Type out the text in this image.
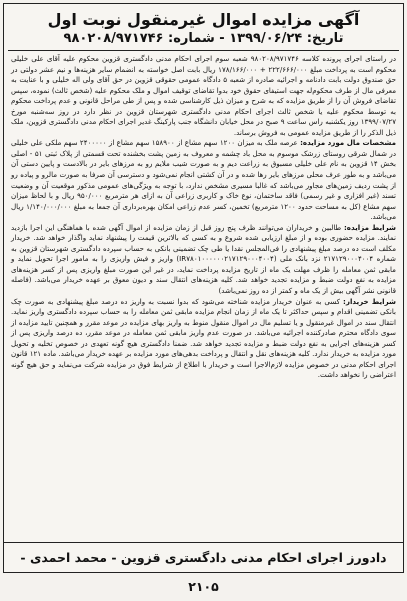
آگهی مزایده اموال غیرمنقول نوبت اول
تاریخ: ۱۳۹۹/۰۶/۲۴ - شماره: ۹۸۰۲۰۸/۹۷۱۷۴۶

در راستای اجرای پرونده کلاسه ۹۸۰۲۰۸/۹۷۱۷۴۶ شعبه سوم اجرای احکام مدنی دادگستری قزوین محکوم علیه آقای علی خلیلی محکوم است به پرداخت مبلغ ۲۲۲/۶۶۶/۰۰۰ + ۱۷۸/۱۶۶/۰۰۰ ریال بابت اصل خواسته به انضمام سایر هزینه‌ها و نیم عشر دولتی در حق صندوق دولت بابت دادنامه و اجرائیه صادره از شعبه ۵ دادگاه عمومی حقوقی قزوین در حق آقای ولی اله خلیلی و با عنایت به معرفی مال از طرف محکوم‌له جهت استیفای حقوق خود بدوا تقاضای توقیف اموال و ملک محکوم علیه (شخص ثالث) نموده، سپس تقاضای فروش آن را از طریق مزایده که به شرح و میزان ذیل کارشناسی شده و پس از طی مراحل قانونی و عدم پرداخت محکوم به توسط محکوم علیه یا شخص ثالث اجرای احکام مدنی دادگستری شهرستان قزوین در نظر دارد در روز سه‌شنبه مورخ ۱۳۹۹/۰۷/۲۷ روز یکشنبه راس ساعت ۹ صبح در محل خیابان دانشگاه جنب پارکینگ غدیر اجرای احکام مدنی دادگستری قزوین، ملک ذیل الذکر را از طریق مزایده عمومی به فروش برساند.

مشخصات مال مورد مزایده: عرصه ملک به میزان ۱۲۰۰ سهم مشاع از ۱۵۸۹۰۰ سهم مشاع از ۲۴۰۰۰۰۰ سهم ملکی علی خلیلی در شمال شرقی روستای زرشک موسوم به محل باد چشمه و معروف به زمین پشت بخشنده تحت قسمتی از پلاک ثبتی ۵۱ - اصلی بخش ۱۴ قزوین به نام علی خلیلی مسبوق به زراعت دیم و به صورت شیب ملایم رو به مرزهای بایر در بالادست و پایین دستی آن می‌باشد و به طور عرف محلی مرزهای بایر رها شده و در آن کشتی انجام نمی‌شود و دسترسی آن صرفا به صورت مالرو و پیاده رو از پشت ردیف زمین‌های مجاور می‌باشد که غالبا مسیری مشخص ندارد، با توجه به ویژگی‌های عمومی مذکور موقعیت آن و وضعیت تسند (غیر افزاری و غیر رسمی) فاقد ساختمان، نوع خاک و کاربری زراعی آن به ازای هر مترمربع ۹۵۰/۰۰۰ ریال و با لحاظ میزان سهم مشاع (کل به مساحت حدود ۱۲۰۰ مترمربع) تخمین، کسر عدم زراعی امکان بهره‌برداری آن جمعا به مبلغ ۱/۱۴۰/۰۰۰/۰۰۰ ریال می‌باشد.

شرایط مزایده: طالبین و خریداران می‌توانند ظرف پنج روز قبل از زمان مزایده از اموال آگهی شده با هماهنگی این اجرا بازدید نمایند. مزایده حضوری بوده و از مبلغ ارزیابی شده شروع و به کسی که بالاترین قیمت را پیشنهاد نماید واگذار خواهد شد. خریدار مکلف است ده درصد مبلغ پیشنهادی را فی‌المجلس نقدا یا طی چک تضمینی بانکی به حساب سپرده دادگستری شهرستان قزوین به شماره ۲۱۷۱۲۹۰۰۰۴۰۰۴ نزد بانک ملی (IR۷۸۰۱۰۰۰۰۰۰۲۱۷۱۲۹۰۰۰۴۰۰۴) واریز و فیش واریزی را به مامور اجرا تحویل نماید و مابقی ثمن معامله را ظرف مهلت یک ماه از تاریخ مزایده پرداخت نماید، در غیر این صورت مبلغ واریزی پس از کسر هزینه‌های مزایده به نفع دولت ضبط و مزایده تجدید خواهد شد. کلیه هزینه‌های انتقال سند و دیون معوق بر عهده خریدار می‌باشد. (فاصله قانونی نشر آگهی بیش از یک ماه و کمتر از ده روز نمی‌باشد)

شرایط خریدار: کسی به عنوان خریدار مزایده شناخته می‌شود که بدوا نسبت به واریز ده درصد مبلغ پیشنهادی به صورت چک بانکی تضمینی اقدام و سپس حداکثر تا یک ماه از زمان انجام مزایده مابقی ثمن معامله را به حساب سپرده دادگستری واریز نماید. انتقال سند در اموال غیرمنقول و یا تسلیم مال در اموال منقول منوط به واریز بهای مزایده در موعد مقرر و همچنین تایید مزایده از سوی دادگاه محترم صادرکننده اجرائیه می‌باشد. در صورت عدم واریز مابقی ثمن معامله در موعد مقرر، ده درصد واریزی پس از کسر هزینه‌های اجرایی به نفع دولت ضبط و مزایده تجدید خواهد شد. ضمنا دادگستری هیچ گونه تعهدی در خصوص تخلیه و تحویل مورد مزایده به خریدار ندارد. کلیه هزینه‌های نقل و انتقال و پرداخت بدهی‌های مورد مزایده بر عهده خریدار می‌باشد. ماده ۱۲۱ قانون اجرای احکام مدنی در خصوص مزایده لازم‌الاجرا است و خریدار با اطلاع از شرایط فوق در مزایده شرکت می‌نماید و حق هیچ گونه اعتراضی را نخواهد داشت.

دادورز اجرای احکام مدنی دادگستری قزوین - محمد احمدی - ۲۱۰۵
